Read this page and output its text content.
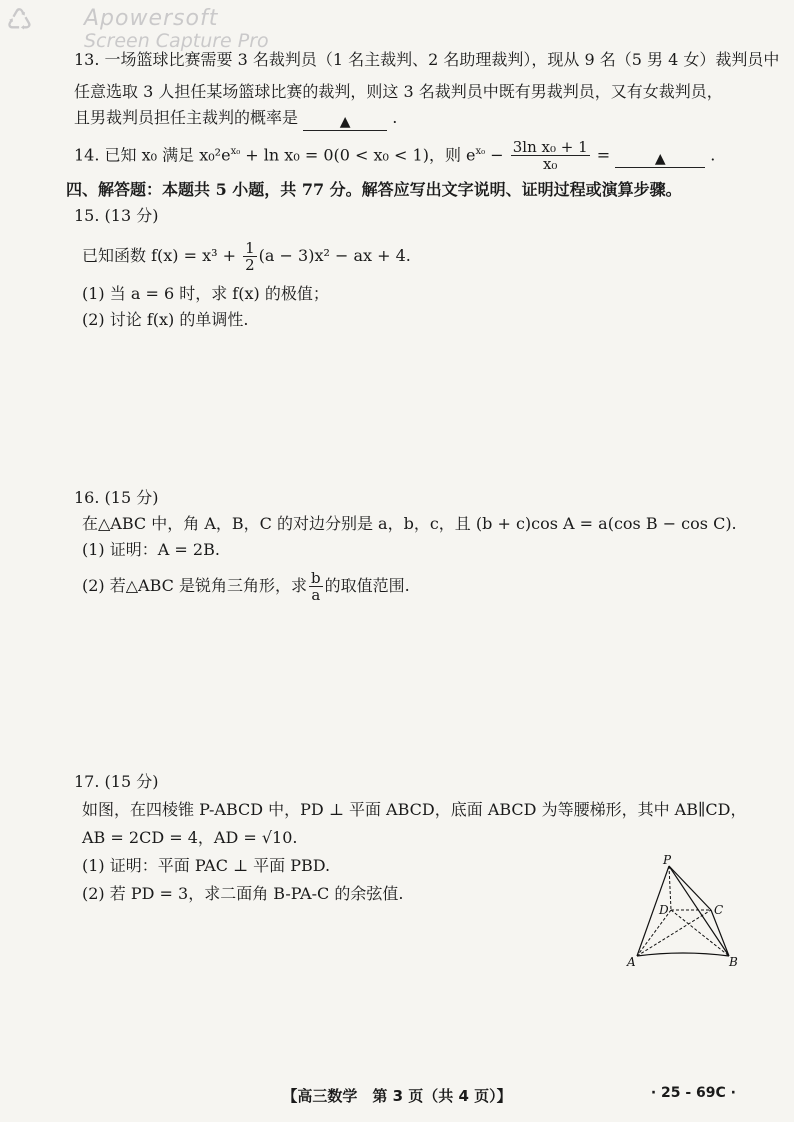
♺ Apowersoft
Screen Capture Pro
13. 一场篮球比赛需要 3 名裁判员（1 名主裁判、2 名助理裁判），现从 9 名（5 男 4 女）裁判员中
任意选取 3 人担任某场篮球比赛的裁判，则这 3 名裁判员中既有男裁判员，又有女裁判员，
且男裁判员担任主裁判的概率是	▲	.
14. 已知 x₀ 满足 $x_0^2e^{x_0} + \ln x_0 = 0(0 < x_0 < 1)$，则 $e^{x_0} - \frac{\text{3ln x₀ + 1}}{\text{x₀}}$ =	▲	.
四、解答题：本题共 5 小题，共 77 分。解答应写出文字说明、证明过程或演算步骤。
15. (13 分)
已知函数 $f(x) = x^3 + \frac{1}{2} (a - 3)x^2$ − ax + 4.
(1) 当 a = 6 时，求 f(x) 的极值；
(2) 讨论 f(x) 的单调性.
16. (15 分)
在△ABC 中，角 A，B，C 的对边分别是 a，b，c，且 (b + c)cos A = a(cos B − cos C).
(1) 证明：A = 2B.
(2) 若△ABC 是锐角三角形，求 $\frac{b}{a}$ 的取值范围.
17. (15 分)
如图，在四棱锥 P-ABCD 中，PD ⊥ 平面 ABCD，底面 ABCD 为等腰梯形，其中 AB∥CD，
AB = 2CD = 4，AD = √10.
(1) 证明：平面 PAC ⊥ 平面 PBD.
(2) 若 PD = 3，求二面角 B-PA-C 的余弦值.
P
D	C
A	B
【高三数学　第 3 页（共 4 页）】	· 25 - 69C ·
